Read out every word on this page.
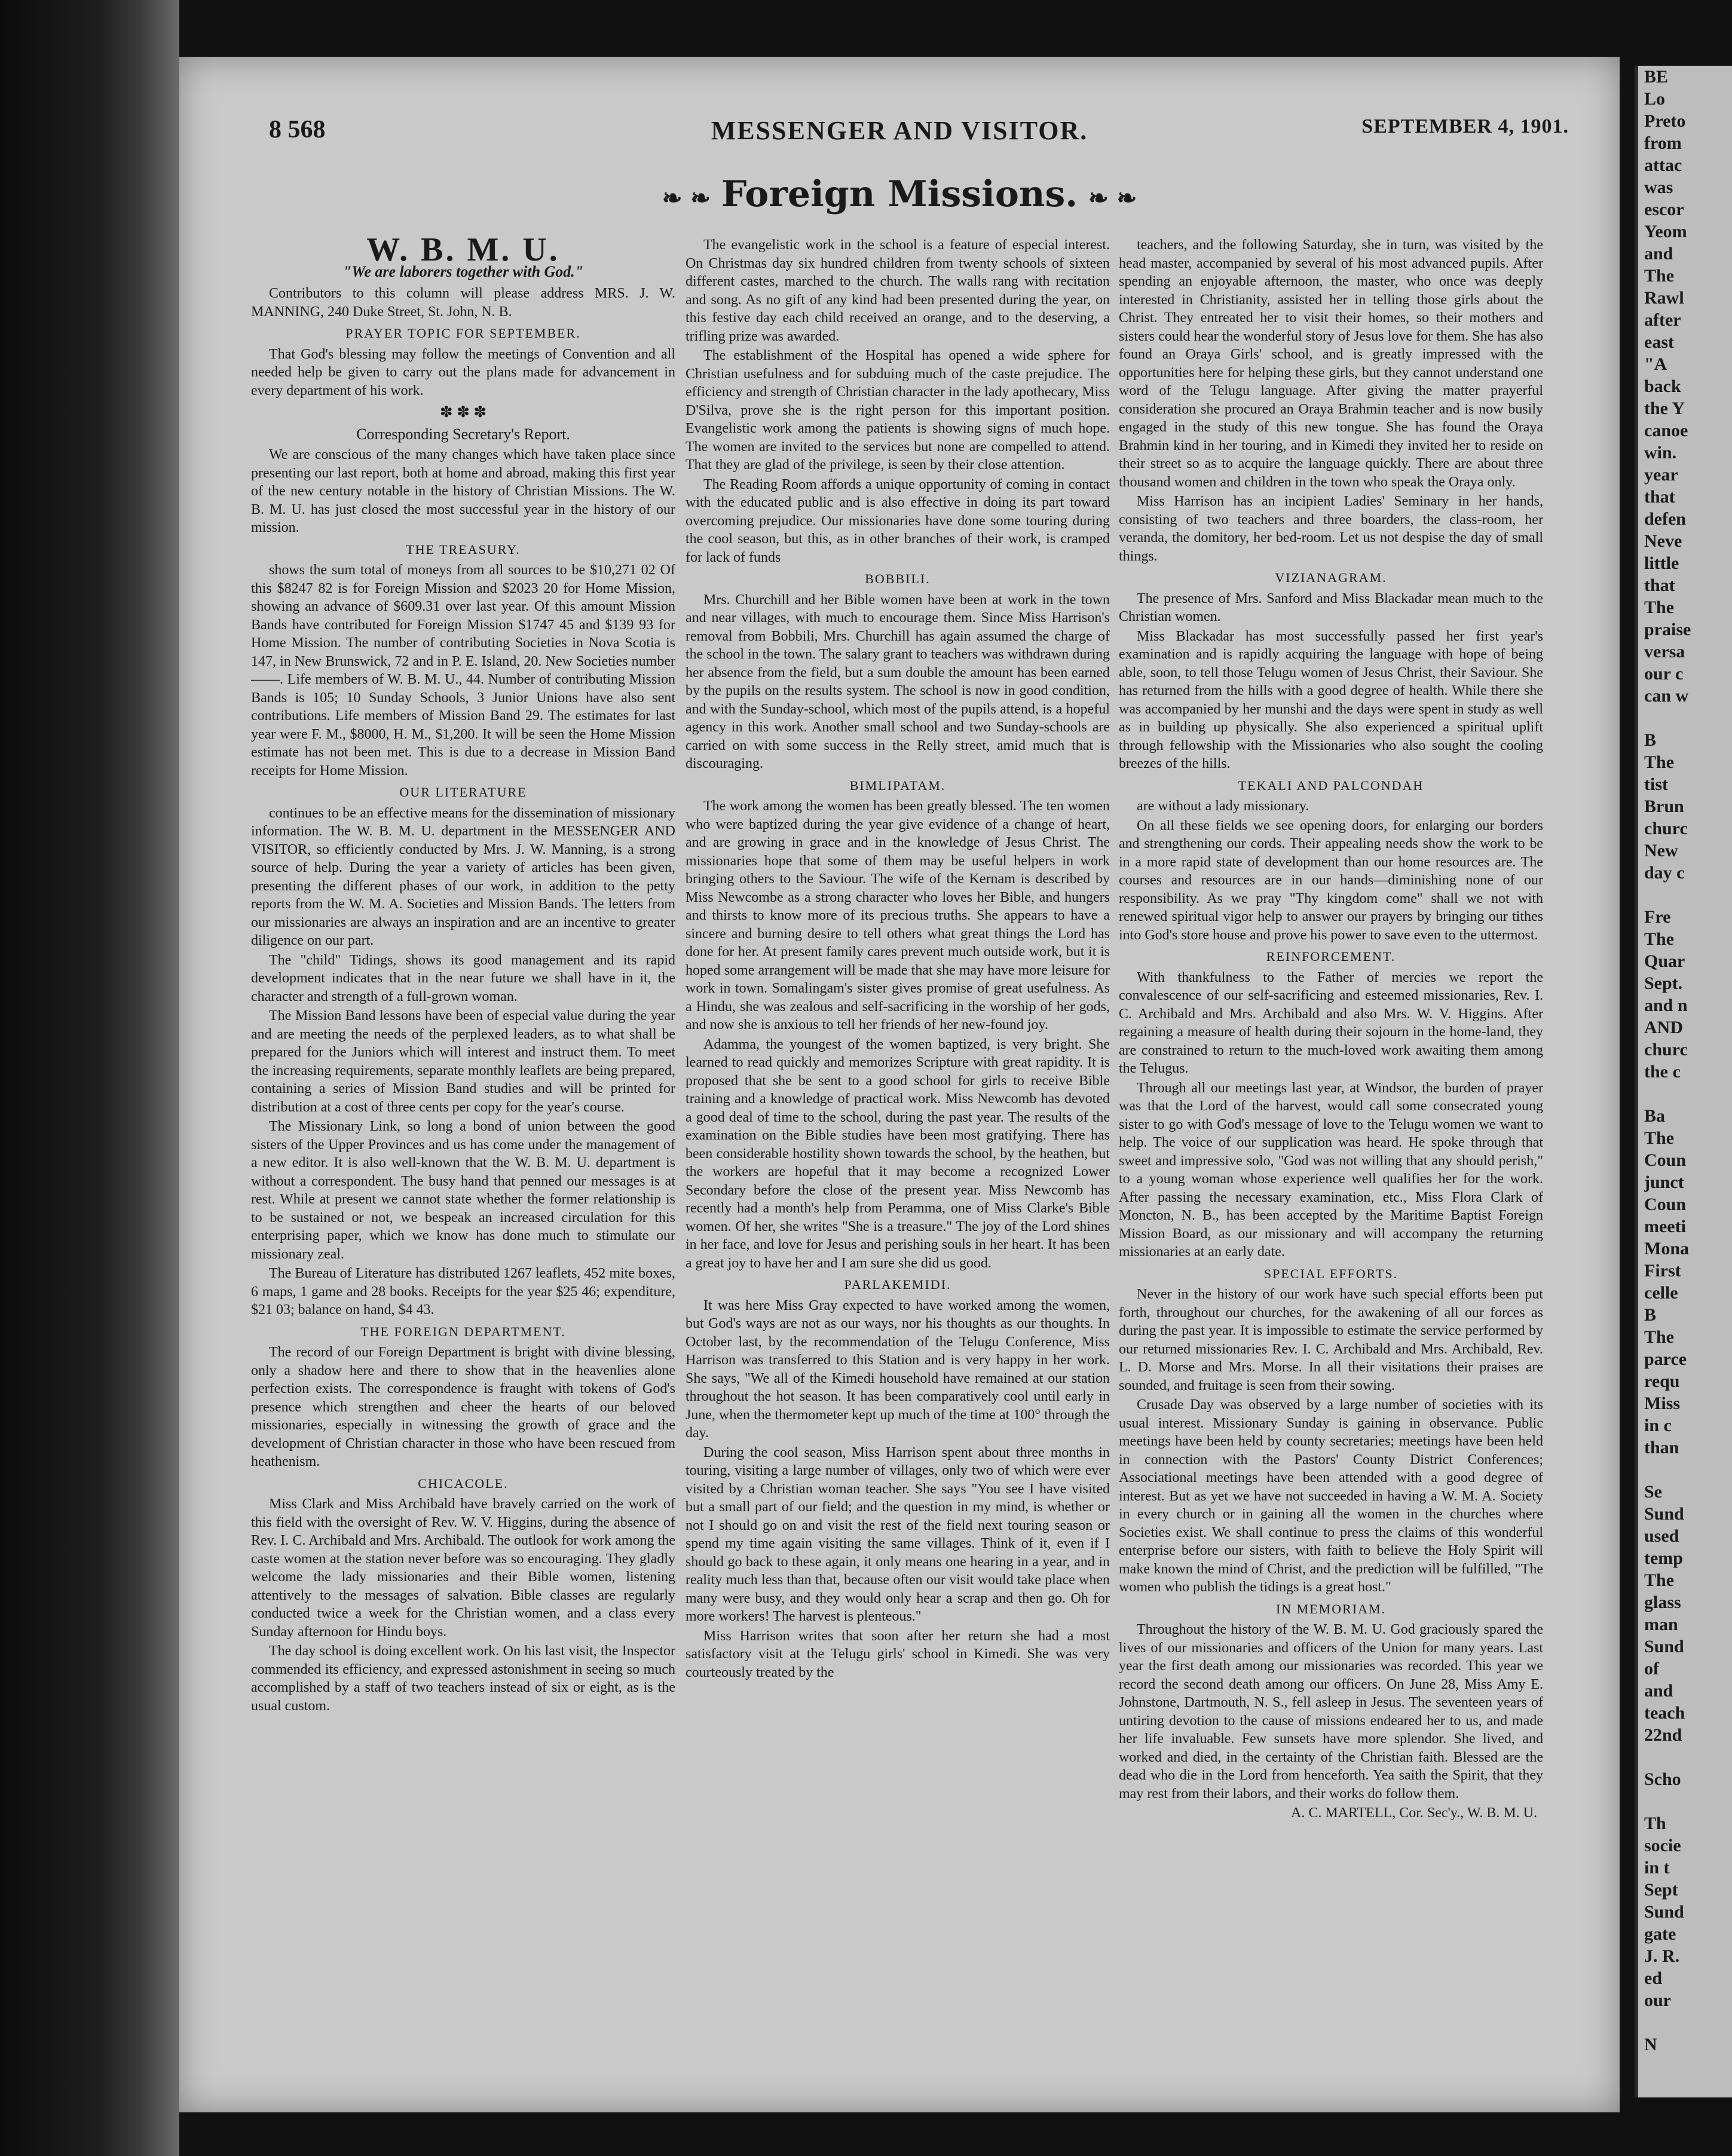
8 568	MESSENGER AND VISITOR.	SEPTEMBER 4, 1901.
❧ ❧ Foreign Missions. ❧ ❧
W. B. M. U.
"We are laborers together with God."

Contributors to this column will please address MRS. J. W. MANNING, 240 Duke Street, St. John, N. B.

PRAYER TOPIC FOR SEPTEMBER.

That God's blessing may follow the meetings of Convention and all needed help be given to carry out the plans made for advancement in every department of his work.

✽ ✽ ✽
Corresponding Secretary's Report.

We are conscious of the many changes which have taken place since presenting our last report, both at home and abroad, making this first year of the new century notable in the history of Christian Missions. The W. B. M. U. has just closed the most successful year in the history of our mission.

THE TREASURY.

shows the sum total of moneys from all sources to be $10,271 02 Of this $8247 82 is for Foreign Mission and $2023 20 for Home Mission, showing an advance of $609.31 over last year. Of this amount Mission Bands have contributed for Foreign Mission $1747 45 and $139 93 for Home Mission. The number of contributing Societies in Nova Scotia is 147, in New Brunswick, 72 and in P. E. Island, 20. New Societies number——. Life members of W. B. M. U., 44. Number of contributing Mission Bands is 105; 10 Sunday Schools, 3 Junior Unions have also sent contributions. Life members of Mission Band 29. The estimates for last year were F. M., $8000, H. M., $1,200. It will be seen the Home Mission estimate has not been met. This is due to a decrease in Mission Band receipts for Home Mission.

OUR LITERATURE

continues to be an effective means for the dissemination of missionary information. The W. B. M. U. department in the MESSENGER AND VISITOR, so efficiently conducted by Mrs. J. W. Manning, is a strong source of help. During the year a variety of articles has been given, presenting the different phases of our work, in addition to the petty reports from the W. M. A. Societies and Mission Bands. The letters from our missionaries are always an inspiration and are an incentive to greater diligence on our part.

The "child" Tidings, shows its good management and its rapid development indicates that in the near future we shall have in it, the character and strength of a full-grown woman.

The Mission Band lessons have been of especial value during the year and are meeting the needs of the perplexed leaders, as to what shall be prepared for the Juniors which will interest and instruct them. To meet the increasing requirements, separate monthly leaflets are being prepared, containing a series of Mission Band studies and will be printed for distribution at a cost of three cents per copy for the year's course.

The Missionary Link, so long a bond of union between the good sisters of the Upper Provinces and us has come under the management of a new editor. It is also well-known that the W. B. M. U. department is without a correspondent. The busy hand that penned our messages is at rest. While at present we cannot state whether the former relationship is to be sustained or not, we bespeak an increased circulation for this enterprising paper, which we know has done much to stimulate our missionary zeal.

The Bureau of Literature has distributed 1267 leaflets, 452 mite boxes, 6 maps, 1 game and 28 books. Receipts for the year $25 46; expenditure, $21 03; balance on hand, $4 43.

THE FOREIGN DEPARTMENT.

The record of our Foreign Department is bright with divine blessing, only a shadow here and there to show that in the heavenlies alone perfection exists. The correspondence is fraught with tokens of God's presence which strengthen and cheer the hearts of our beloved missionaries, especially in witnessing the growth of grace and the development of Christian character in those who have been rescued from heathenism.

CHICACOLE.

Miss Clark and Miss Archibald have bravely carried on the work of this field with the oversight of Rev. W. V. Higgins, during the absence of Rev. I. C. Archibald and Mrs. Archibald. The outlook for work among the caste women at the station never before was so encouraging. They gladly welcome the lady missionaries and their Bible women, listening attentively to the messages of salvation. Bible classes are regularly conducted twice a week for the Christian women, and a class every Sunday afternoon for Hindu boys.

The day school is doing excellent work. On his last visit, the Inspector commended its efficiency, and expressed astonishment in seeing so much accomplished by a staff of two teachers instead of six or eight, as is the usual custom.

The evangelistic work in the school is a feature of especial interest. On Christmas day six hundred children from twenty schools of sixteen different castes, marched to the church. The walls rang with recitation and song. As no gift of any kind had been presented during the year, on this festive day each child received an orange, and to the deserving, a trifling prize was awarded.

The establishment of the Hospital has opened a wide sphere for Christian usefulness and for subduing much of the caste prejudice. The efficiency and strength of Christian character in the lady apothecary, Miss D'Silva, prove she is the right person for this important position. Evangelistic work among the patients is showing signs of much hope. The women are invited to the services but none are compelled to attend. That they are glad of the privilege, is seen by their close attention.

The Reading Room affords a unique opportunity of coming in contact with the educated public and is also effective in doing its part toward overcoming prejudice. Our missionaries have done some touring during the cool season, but this, as in other branches of their work, is cramped for lack of funds

BOBBILI.

Mrs. Churchill and her Bible women have been at work in the town and near villages, with much to encourage them. Since Miss Harrison's removal from Bobbili, Mrs. Churchill has again assumed the charge of the school in the town. The salary grant to teachers was withdrawn during her absence from the field, but a sum double the amount has been earned by the pupils on the results system. The school is now in good condition, and with the Sunday-school, which most of the pupils attend, is a hopeful agency in this work. Another small school and two Sunday-schools are carried on with some success in the Relly street, amid much that is discouraging.

BIMLIPATAM.

The work among the women has been greatly blessed. The ten women who were baptized during the year give evidence of a change of heart, and are growing in grace and in the knowledge of Jesus Christ. The missionaries hope that some of them may be useful helpers in work bringing others to the Saviour. The wife of the Kernam is described by Miss Newcombe as a strong character who loves her Bible, and hungers and thirsts to know more of its precious truths. She appears to have a sincere and burning desire to tell others what great things the Lord has done for her. At present family cares prevent much outside work, but it is hoped some arrangement will be made that she may have more leisure for work in town. Somalingam's sister gives promise of great usefulness. As a Hindu, she was zealous and self-sacrificing in the worship of her gods, and now she is anxious to tell her friends of her new-found joy.

Adamma, the youngest of the women baptized, is very bright. She learned to read quickly and memorizes Scripture with great rapidity. It is proposed that she be sent to a good school for girls to receive Bible training and a knowledge of practical work. Miss Newcomb has devoted a good deal of time to the school, during the past year. The results of the examination on the Bible studies have been most gratifying. There has been considerable hostility shown towards the school, by the heathen, but the workers are hopeful that it may become a recognized Lower Secondary before the close of the present year. Miss Newcomb has recently had a month's help from Peramma, one of Miss Clarke's Bible women. Of her, she writes "She is a treasure." The joy of the Lord shines in her face, and love for Jesus and perishing souls in her heart. It has been a great joy to have her and I am sure she did us good.

PARLAKEMIDI.

It was here Miss Gray expected to have worked among the women, but God's ways are not as our ways, nor his thoughts as our thoughts. In October last, by the recommendation of the Telugu Conference, Miss Harrison was transferred to this Station and is very happy in her work. She says, "We all of the Kimedi household have remained at our station throughout the hot season. It has been comparatively cool until early in June, when the thermometer kept up much of the time at 100° through the day.

During the cool season, Miss Harrison spent about three months in touring, visiting a large number of villages, only two of which were ever visited by a Christian woman teacher. She says "You see I have visited but a small part of our field; and the question in my mind, is whether or not I should go on and visit the rest of the field next touring season or spend my time again visiting the same villages. Think of it, even if I should go back to these again, it only means one hearing in a year, and in reality much less than that, because often our visit would take place when many were busy, and they would only hear a scrap and then go. Oh for more workers! The harvest is plenteous."

Miss Harrison writes that soon after her return she had a most satisfactory visit at the Telugu girls' school in Kimedi. She was very courteously treated by the

teachers, and the following Saturday, she in turn, was visited by the head master, accompanied by several of his most advanced pupils. After spending an enjoyable afternoon, the master, who once was deeply interested in Christianity, assisted her in telling those girls about the Christ. They entreated her to visit their homes, so their mothers and sisters could hear the wonderful story of Jesus love for them. She has also found an Oraya Girls' school, and is greatly impressed with the opportunities here for helping these girls, but they cannot understand one word of the Telugu language. After giving the matter prayerful consideration she procured an Oraya Brahmin teacher and is now busily engaged in the study of this new tongue. She has found the Oraya Brahmin kind in her touring, and in Kimedi they invited her to reside on their street so as to acquire the language quickly. There are about three thousand women and children in the town who speak the Oraya only.

Miss Harrison has an incipient Ladies' Seminary in her hands, consisting of two teachers and three boarders, the class-room, her veranda, the domitory, her bed-room. Let us not despise the day of small things.

VIZIANAGRAM.

The presence of Mrs. Sanford and Miss Blackadar mean much to the Christian women.

Miss Blackadar has most successfully passed her first year's examination and is rapidly acquiring the language with hope of being able, soon, to tell those Telugu women of Jesus Christ, their Saviour. She has returned from the hills with a good degree of health. While there she was accompanied by her munshi and the days were spent in study as well as in building up physically. She also experienced a spiritual uplift through fellowship with the Missionaries who also sought the cooling breezes of the hills.

TEKALI AND PALCONDAH

are without a lady missionary.

On all these fields we see opening doors, for enlarging our borders and strengthening our cords. Their appealing needs show the work to be in a more rapid state of development than our home resources are. The courses and resources are in our hands—diminishing none of our responsibility. As we pray "Thy kingdom come" shall we not with renewed spiritual vigor help to answer our prayers by bringing our tithes into God's store house and prove his power to save even to the uttermost.

REINFORCEMENT.

With thankfulness to the Father of mercies we report the convalescence of our self-sacrificing and esteemed missionaries, Rev. I. C. Archibald and Mrs. Archibald and also Mrs. W. V. Higgins. After regaining a measure of health during their sojourn in the home-land, they are constrained to return to the much-loved work awaiting them among the Telugus.

Through all our meetings last year, at Windsor, the burden of prayer was that the Lord of the harvest, would call some consecrated young sister to go with God's message of love to the Telugu women we want to help. The voice of our supplication was heard. He spoke through that sweet and impressive solo, "God was not willing that any should perish," to a young woman whose experience well qualifies her for the work. After passing the necessary examination, etc., Miss Flora Clark of Moncton, N. B., has been accepted by the Maritime Baptist Foreign Mission Board, as our missionary and will accompany the returning missionaries at an early date.

SPECIAL EFFORTS.

Never in the history of our work have such special efforts been put forth, throughout our churches, for the awakening of all our forces as during the past year. It is impossible to estimate the service performed by our returned missionaries Rev. I. C. Archibald and Mrs. Archibald, Rev. L. D. Morse and Mrs. Morse. In all their visitations their praises are sounded, and fruitage is seen from their sowing.

Crusade Day was observed by a large number of societies with its usual interest. Missionary Sunday is gaining in observance. Public meetings have been held by county secretaries; meetings have been held in connection with the Pastors' County District Conferences; Associational meetings have been attended with a good degree of interest. But as yet we have not succeeded in having a W. M. A. Society in every church or in gaining all the women in the churches where Societies exist. We shall continue to press the claims of this wonderful enterprise before our sisters, with faith to believe the Holy Spirit will make known the mind of Christ, and the prediction will be fulfilled, "The women who publish the tidings is a great host."

IN MEMORIAM.

Throughout the history of the W. B. M. U. God graciously spared the lives of our missionaries and officers of the Union for many years. Last year the first death among our missionaries was recorded. This year we record the second death among our officers. On June 28, Miss Amy E. Johnstone, Dartmouth, N. S., fell asleep in Jesus. The seventeen years of untiring devotion to the cause of missions endeared her to us, and made her life invaluable. Few sunsets have more splendor. She lived, and worked and died, in the certainty of the Christian faith. Blessed are the dead who die in the Lord from henceforth. Yea saith the Spirit, that they may rest from their labors, and their works do follow them.

A. C. MARTELL, Cor. Sec'y., W. B. M. U.

BE
Lo
Preto
from
attac
was
escor
Yeom
and
The
Rawl
after
east
"A
back
the Y
canoe
win.
year
that
defen
Neve
little
that
The
praise
versa
our c
can w

B
The
tist
Brun
churc
New
day c

Fre
The
Quar
Sept.
and n
AND
churc
the c

Ba
The
Coun
junct
Coun
meeti
Mona
First
celle
B
The
parce
requ
Miss
in c
than

Se
Sund
used
temp
The
glass
man
Sund
of
and
teach
22nd

Scho

Th
socie
in t
Sept
Sund
gate
J. R.
ed
our

N
